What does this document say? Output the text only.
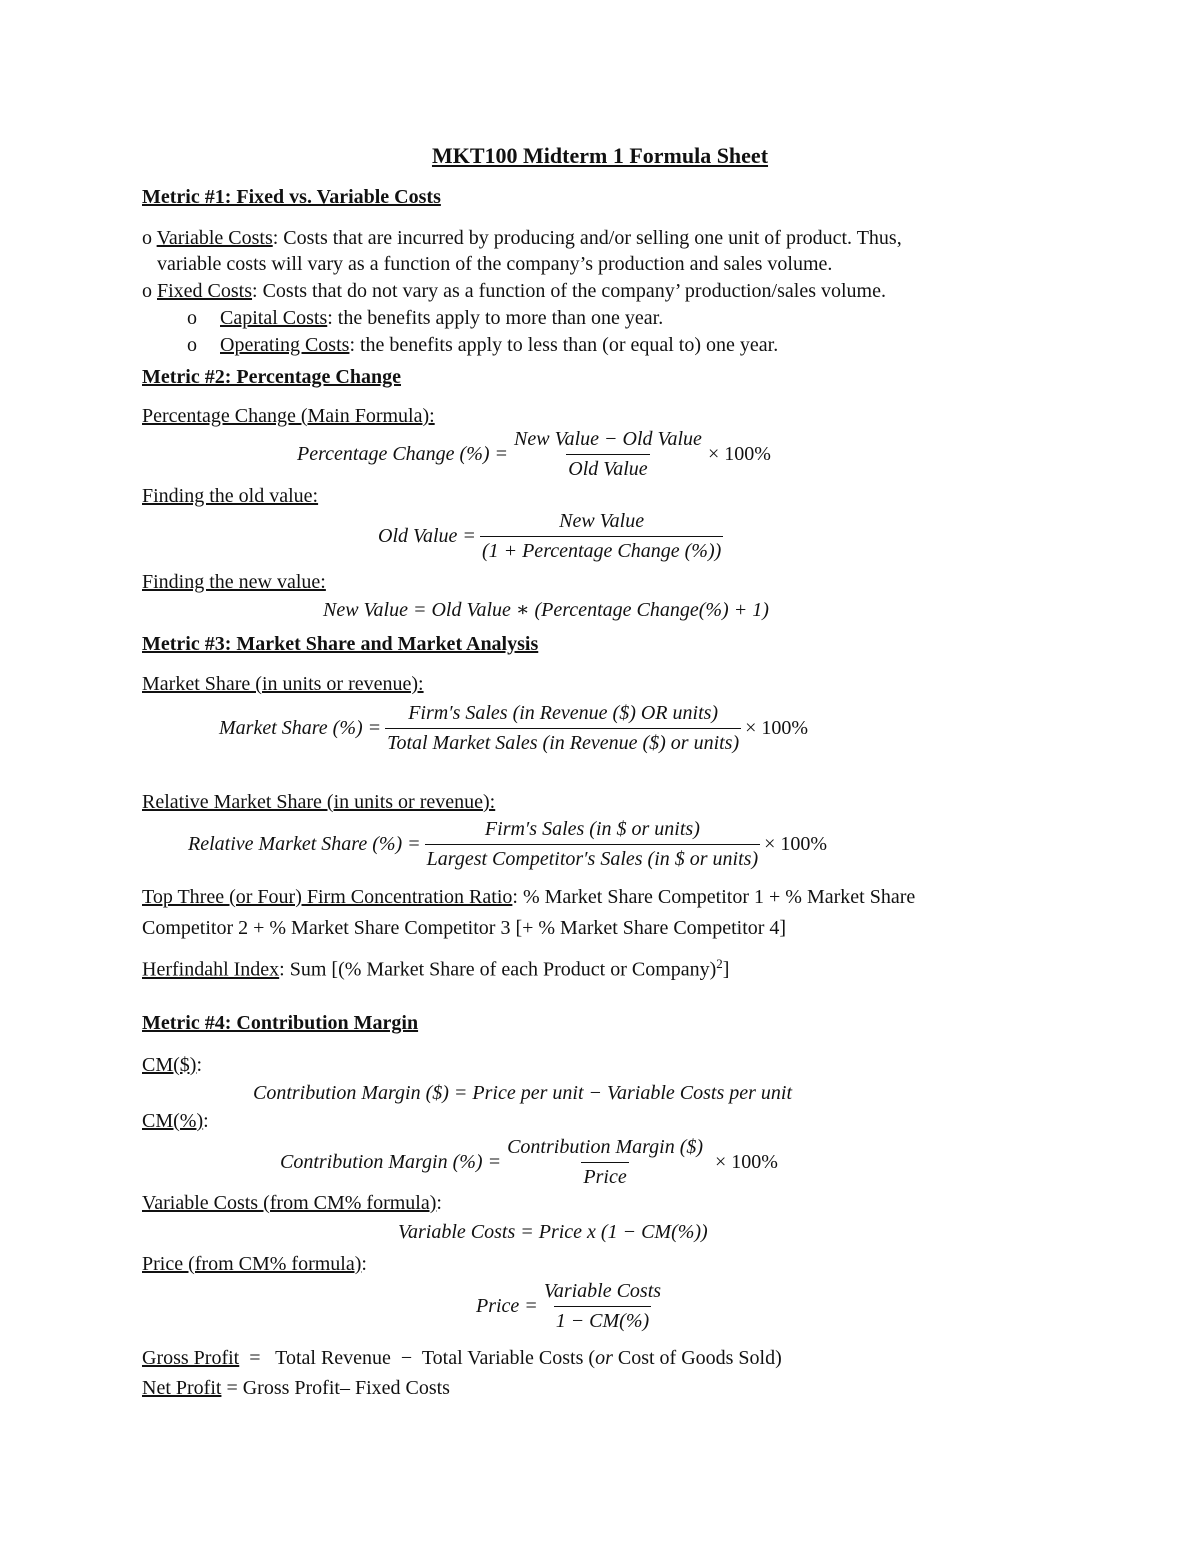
MKT100 Midterm 1 Formula Sheet
Metric #1: Fixed vs. Variable Costs
o Variable Costs: Costs that are incurred by producing and/or selling one unit of product. Thus,
variable costs will vary as a function of the company’s production and sales volume.
o Fixed Costs: Costs that do not vary as a function of the company’ production/sales volume.
o Capital Costs: the benefits apply to more than one year.
o Operating Costs: the benefits apply to less than (or equal to) one year.
Metric #2: Percentage Change
Percentage Change (Main Formula):
Percentage Change (%) = $\frac{\text{New Value − Old Value}}{\text{Old Value}} \times 100\%$
Finding the old value:
Old Value = $\frac{\text{New Value}}{\text{(1 + Percentage Change (\%))}}$
Finding the new value:
New Value = Old Value ∗ (Percentage Change(%) + 1)
Metric #3: Market Share and Market Analysis
Market Share (in units or revenue):
Market Share (%) = $\frac{\text{Firm′s Sales (in Revenue (\$) OR units)}}{\text{Total Market Sales (in Revenue (\$) or units)}} \times 100\%$
Relative Market Share (in units or revenue):
Relative Market Share (%) = $\frac{\text{Firm′s Sales (in \$ or units)}}{\text{Largest Competitor′s Sales (in \$ or units)}} \times 100\%$
Top Three (or Four) Firm Concentration Ratio: % Market Share Competitor 1 + % Market Share
Competitor 2 + % Market Share Competitor 3 [+ % Market Share Competitor 4]
Herfindahl Index: Sum [(% Market Share of each Product or Company)$^2$]
Metric #4: Contribution Margin
CM($):
Contribution Margin ($) = Price per unit − Variable Costs per unit
CM(%):
Contribution Margin (%) = $\frac{\text{Contribution Margin (\$)}}{\text{Price}} \times 100\%$
Variable Costs (from CM% formula):
Variable Costs = Price x (1 − CM(%))
Price (from CM% formula):
Price = $\frac{\text{Variable Costs}}{1 - CM(\%)}$
Gross Profit  =   Total Revenue  −  Total Variable Costs (or Cost of Goods Sold)
Net Profit = Gross Profit– Fixed Costs
